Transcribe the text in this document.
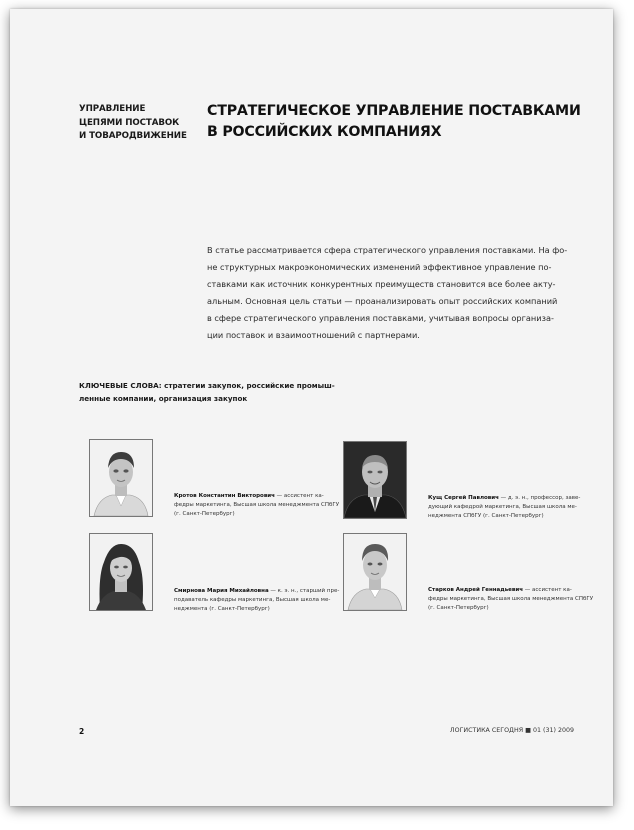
УПРАВЛЕНИЕ
ЦЕПЯМИ ПОСТАВОК
И ТОВАРОДВИЖЕНИЕ
СТРАТЕГИЧЕСКОЕ УПРАВЛЕНИЕ ПОСТАВКАМИ
В РОССИЙСКИХ КОМПАНИЯХ
В статье рассматривается сфера стратегического управления поставками. На фо-
не структурных макроэкономических изменений эффективное управление по-
ставками как источник конкурентных преимуществ становится все более акту-
альным. Основная цель статьи — проанализировать опыт российских компаний
в сфере стратегического управления поставками, учитывая вопросы организа-
ции поставок и взаимоотношений с партнерами.
КЛЮЧЕВЫЕ СЛОВА: стратегии закупок, российские промыш-
ленные компании, организация закупок
Кротов Константин Викторович — ассистент ка-
федры маркетинга, Высшая школа менеджмента СПбГУ
(г. Санкт-Петербург)
Кущ Сергей Павлович — д. э. н., профессор, заве-
дующий кафедрой маркетинга, Высшая школа ме-
неджмента СПбГУ (г. Санкт-Петербург)
Смирнова Мария Михайловна — к. э. н., старший пре-
подаватель кафедры маркетинга, Высшая школа ме-
неджмента (г. Санкт-Петербург)
Старков Андрей Геннадьевич — ассистент ка-
федры маркетинга, Высшая школа менеджмента СПбГУ
(г. Санкт-Петербург)
2	ЛОГИСТИКА СЕГОДНЯ ■ 01 (31) 2009
